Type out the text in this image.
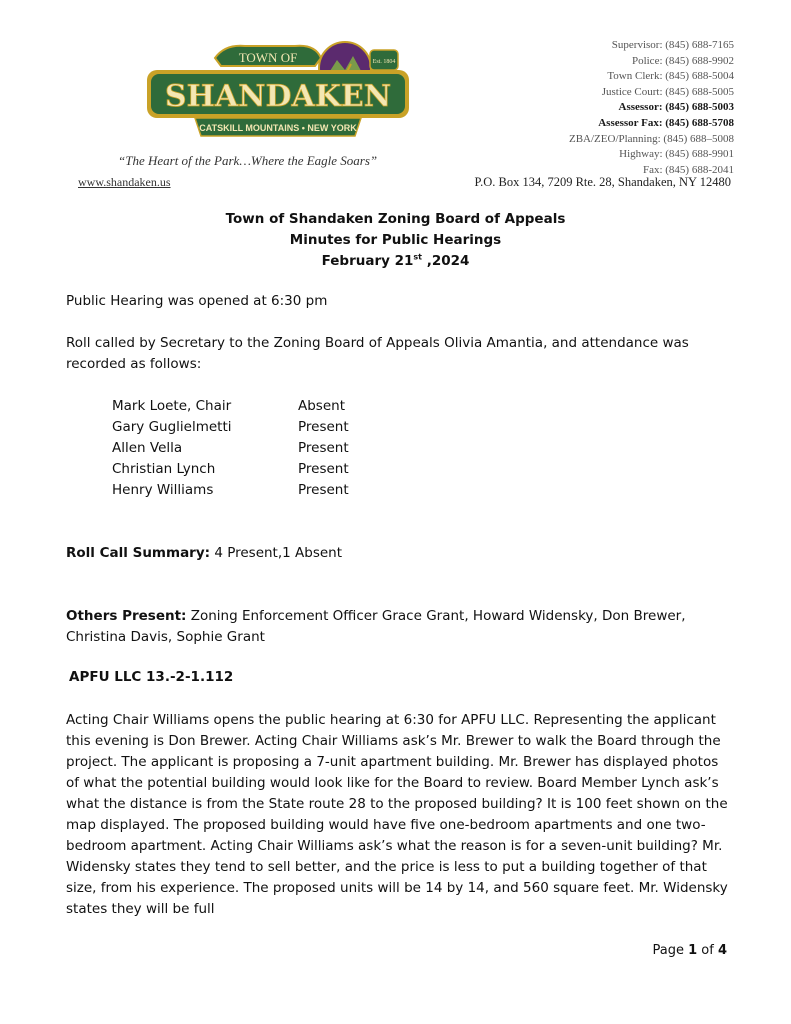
TOWN OF	Est. 1804
SHANDAKEN
CATSKILL MOUNTAINS • NEW YORK
“The Heart of the Park…Where the Eagle Soars”
www.shandaken.us	P.O. Box 134, 7209 Rte. 28, Shandaken, NY 12480
Supervisor: (845) 688-7165
Police: (845) 688-9902
Town Clerk: (845) 688-5004
Justice Court: (845) 688-5005
Assessor: (845) 688-5003
Assessor Fax: (845) 688-5708
ZBA/ZEO/Planning: (845) 688–5008
Highway: (845) 688-9901
Fax: (845) 688-2041
Town of Shandaken Zoning Board of Appeals
Minutes for Public Hearings
February 21st ,2024
Public Hearing was opened at 6:30 pm
Roll called by Secretary to the Zoning Board of Appeals Olivia Amantia, and attendance was recorded as follows:
Mark Loete, Chair	Absent
Gary Guglielmetti	Present
Allen Vella	Present
Christian Lynch	Present
Henry Williams	Present
Roll Call Summary: 4 Present,1 Absent
Others Present: Zoning Enforcement Officer Grace Grant, Howard Widensky, Don Brewer, Christina Davis, Sophie Grant
APFU LLC 13.-2-1.112
Acting Chair Williams opens the public hearing at 6:30 for APFU LLC. Representing the applicant this evening is Don Brewer. Acting Chair Williams ask’s Mr. Brewer to walk the Board through the project. The applicant is proposing a 7-unit apartment building. Mr. Brewer has displayed photos of what the potential building would look like for the Board to review. Board Member Lynch ask’s what the distance is from the State route 28 to the proposed building? It is 100 feet shown on the map displayed. The proposed building would have five one-bedroom apartments and one two-bedroom apartment. Acting Chair Williams ask’s what the reason is for a seven-unit building? Mr. Widensky states they tend to sell better, and the price is less to put a building together of that size, from his experience. The proposed units will be 14 by 14, and 560 square feet. Mr. Widensky states they will be full
Page 1 of 4
